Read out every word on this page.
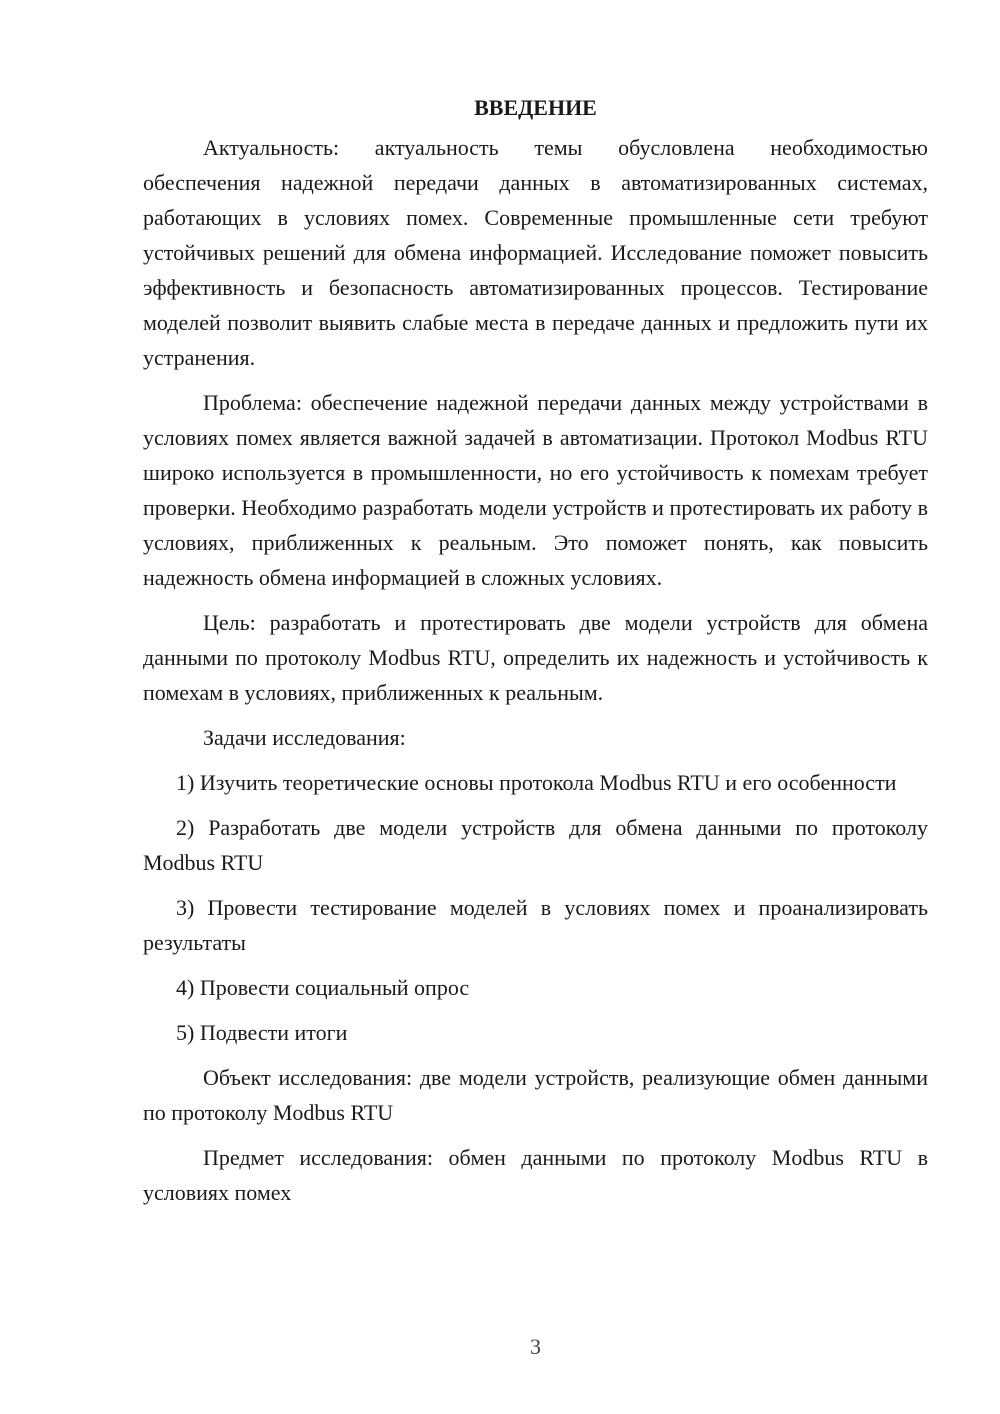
ВВЕДЕНИЕ

Актуальность: актуальность темы обусловлена необходимостью обеспечения надежной передачи данных в автоматизированных системах, работающих в условиях помех. Современные промышленные сети требуют устойчивых решений для обмена информацией. Исследование поможет повысить эффективность и безопасность автоматизированных процессов. Тестирование моделей позволит выявить слабые места в передаче данных и предложить пути их устранения.

Проблема: обеспечение надежной передачи данных между устройствами в условиях помех является важной задачей в автоматизации. Протокол Modbus RTU широко используется в промышленности, но его устойчивость к помехам требует проверки. Необходимо разработать модели устройств и протестировать их работу в условиях, приближенных к реальным. Это поможет понять, как повысить надежность обмена информацией в сложных условиях.

Цель: разработать и протестировать две модели устройств для обмена данными по протоколу Modbus RTU, определить их надежность и устойчивость к помехам в условиях, приближенных к реальным.

Задачи исследования:

1) Изучить теоретические основы протокола Modbus RTU и его особенности

2) Разработать две модели устройств для обмена данными по протоколу Modbus RTU

3) Провести тестирование моделей в условиях помех и проанализировать результаты

4) Провести социальный опрос

5) Подвести итоги

Объект исследования: две модели устройств, реализующие обмен данными по протоколу Modbus RTU

Предмет исследования: обмен данными по протоколу Modbus RTU в условиях помех

3
